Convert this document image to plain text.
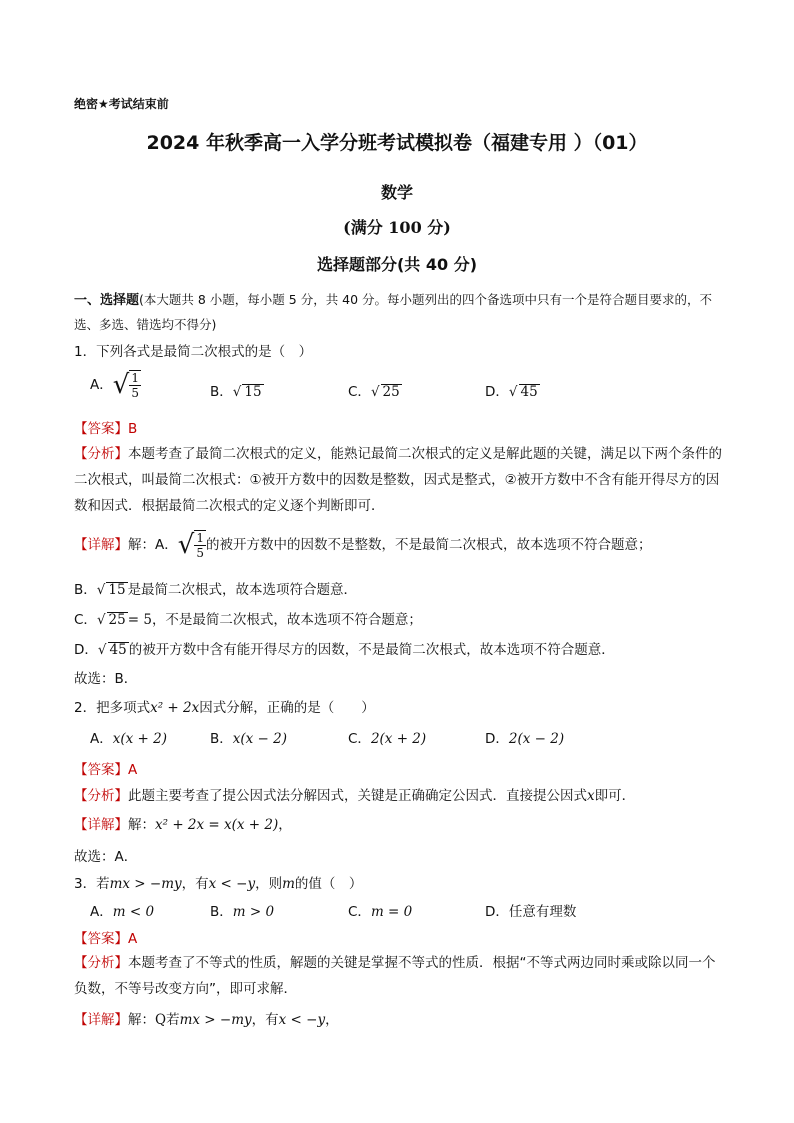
绝密★考试结束前
2024 年秋季高一入学分班考试模拟卷（福建专用 ）（01）
数学
(满分 100 分)
选择题部分(共 40 分)
一、选择题(本大题共 8 小题，每小题 5 分，共 40 分。每小题列出的四个备选项中只有一个是符合题目要求的，不选、多选、错选均不得分)
1．下列各式是最简二次根式的是（　）
A． √ $\frac{1}{5}$	B．√ 15	C．√ 25	D．√ 45
【答案】B
【分析】本题考查了最简二次根式的定义，能熟记最简二次根式的定义是解此题的关键，满足以下两个条件的二次根式，叫最简二次根式：①被开方数中的因数是整数，因式是整式，②被开方数中不含有能开得尽方的因数和因式．根据最简二次根式的定义逐个判断即可．
【详解】解：A． √ $\frac{1}{5}$ 的被开方数中的因数不是整数，不是最简二次根式，故本选项不符合题意；
B．√ 15 是最简二次根式，故本选项符合题意．
C．√ 25 = 5，不是最简二次根式，故本选项不符合题意；
D．√ 45 的被开方数中含有能开得尽方的因数，不是最简二次根式，故本选项不符合题意．
故选：B．
2．把多项式x² + 2x因式分解，正确的是（　　）
A．x(x + 2)	B．x(x − 2)	C．2(x + 2)	D．2(x − 2)
【答案】A
【分析】此题主要考查了提公因式法分解因式，关键是正确确定公因式．直接提公因式x即可．
【详解】解：x² + 2x = x(x + 2)，
故选：A．
3．若mx > −my，有x < −y，则m的值（　）
A．m < 0	B．m > 0	C．m = 0	D．任意有理数
【答案】A
【分析】本题考查了不等式的性质，解题的关键是掌握不等式的性质．根据“不等式两边同时乘或除以同一个负数，不等号改变方向”，即可求解．
【详解】解：Q若mx > −my，有x < −y，
